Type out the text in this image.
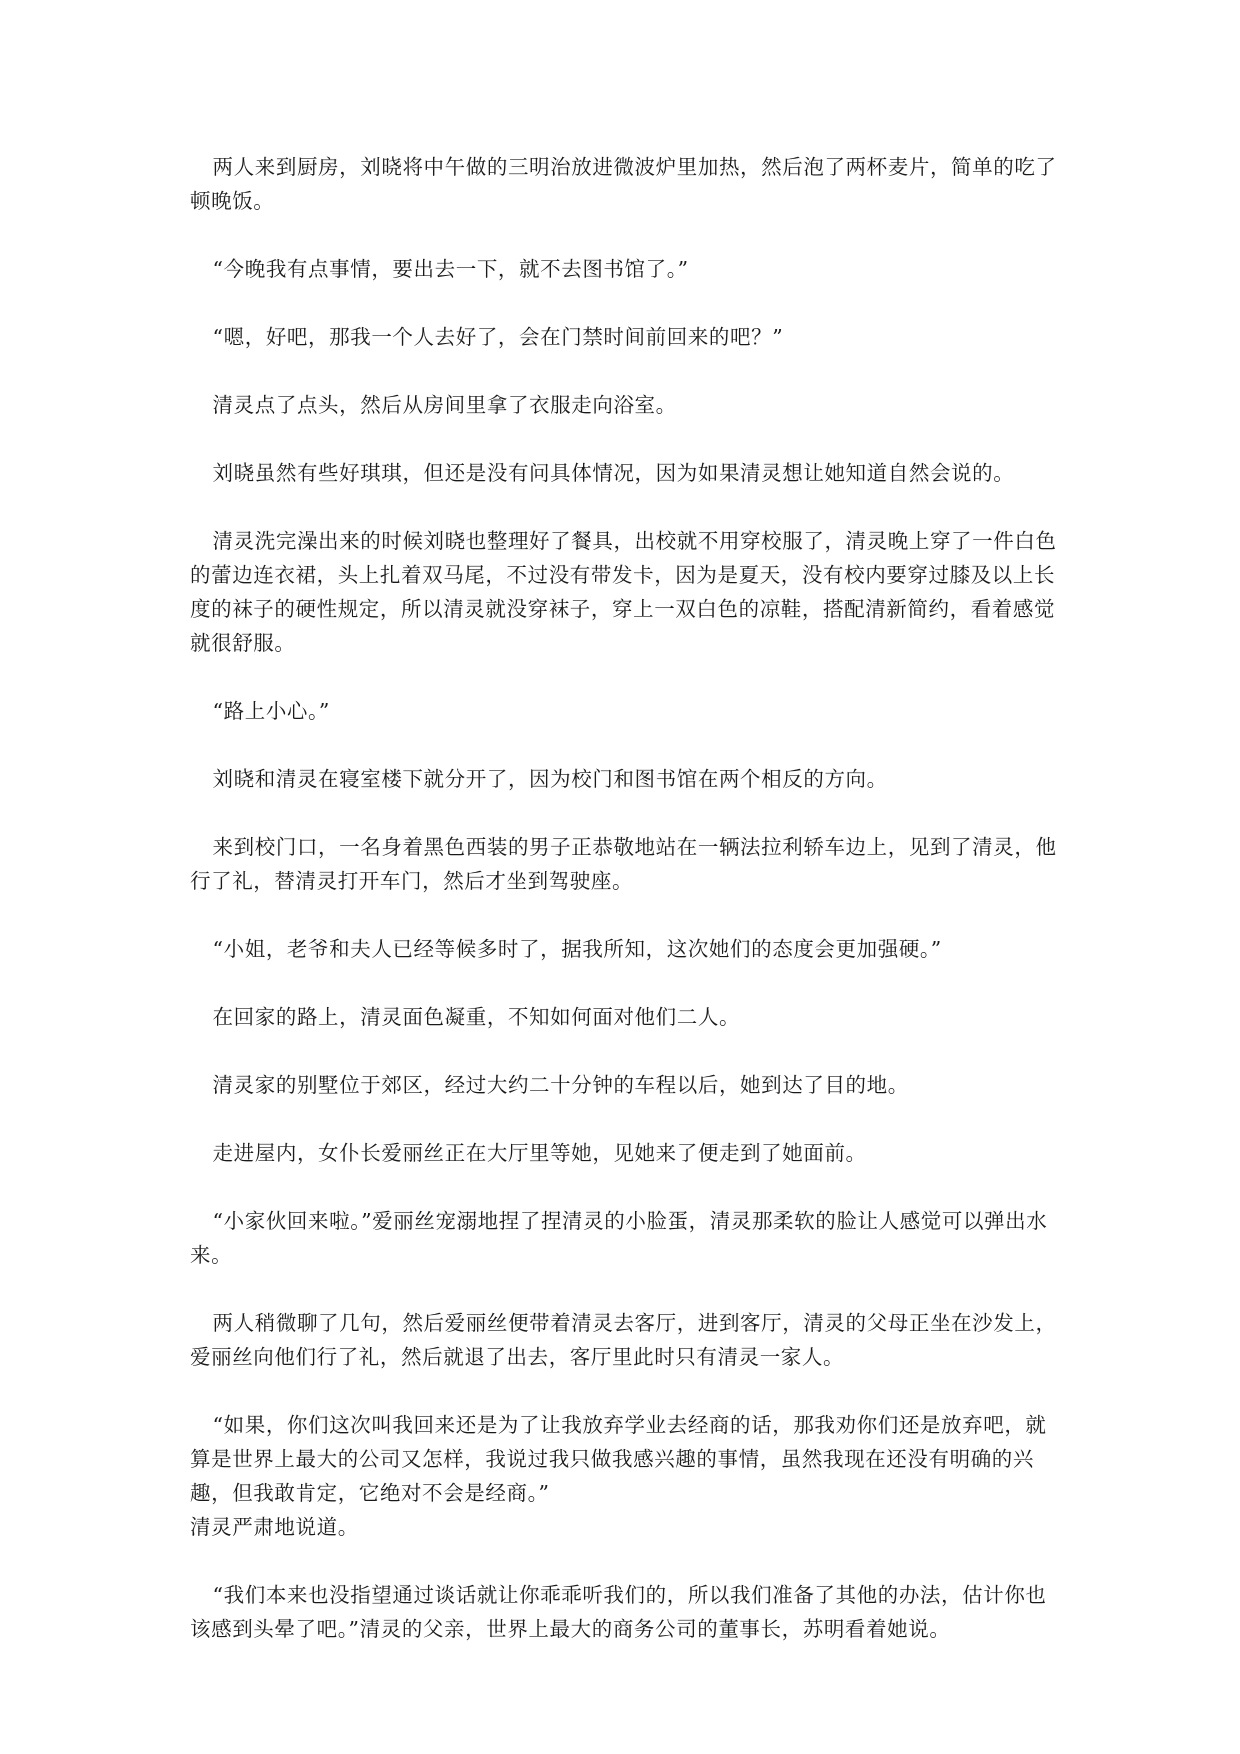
两人来到厨房，刘晓将中午做的三明治放进微波炉里加热，然后泡了两杯麦片，简单的吃了顿晚饭。

“今晚我有点事情，要出去一下，就不去图书馆了。”

“嗯，好吧，那我一个人去好了，会在门禁时间前回来的吧？”

清灵点了点头，然后从房间里拿了衣服走向浴室。

刘晓虽然有些好琪琪，但还是没有问具体情况，因为如果清灵想让她知道自然会说的。

清灵洗完澡出来的时候刘晓也整理好了餐具，出校就不用穿校服了，清灵晚上穿了一件白色的蕾边连衣裙，头上扎着双马尾，不过没有带发卡，因为是夏天，没有校内要穿过膝及以上长度的袜子的硬性规定，所以清灵就没穿袜子，穿上一双白色的凉鞋，搭配清新简约，看着感觉就很舒服。

“路上小心。”

刘晓和清灵在寝室楼下就分开了，因为校门和图书馆在两个相反的方向。

来到校门口，一名身着黑色西装的男子正恭敬地站在一辆法拉利轿车边上，见到了清灵，他行了礼，替清灵打开车门，然后才坐到驾驶座。

“小姐，老爷和夫人已经等候多时了，据我所知，这次她们的态度会更加强硬。”

在回家的路上，清灵面色凝重，不知如何面对他们二人。

清灵家的别墅位于郊区，经过大约二十分钟的车程以后，她到达了目的地。

走进屋内，女仆长爱丽丝正在大厅里等她，见她来了便走到了她面前。

“小家伙回来啦。”爱丽丝宠溺地捏了捏清灵的小脸蛋，清灵那柔软的脸让人感觉可以弹出水来。

两人稍微聊了几句，然后爱丽丝便带着清灵去客厅，进到客厅，清灵的父母正坐在沙发上，爱丽丝向他们行了礼，然后就退了出去，客厅里此时只有清灵一家人。

“如果，你们这次叫我回来还是为了让我放弃学业去经商的话，那我劝你们还是放弃吧，就算是世界上最大的公司又怎样，我说过我只做我感兴趣的事情，虽然我现在还没有明确的兴趣，但我敢肯定，它绝对不会是经商。”

清灵严肃地说道。

“我们本来也没指望通过谈话就让你乖乖听我们的，所以我们准备了其他的办法，估计你也该感到头晕了吧。”清灵的父亲，世界上最大的商务公司的董事长，苏明看着她说。
